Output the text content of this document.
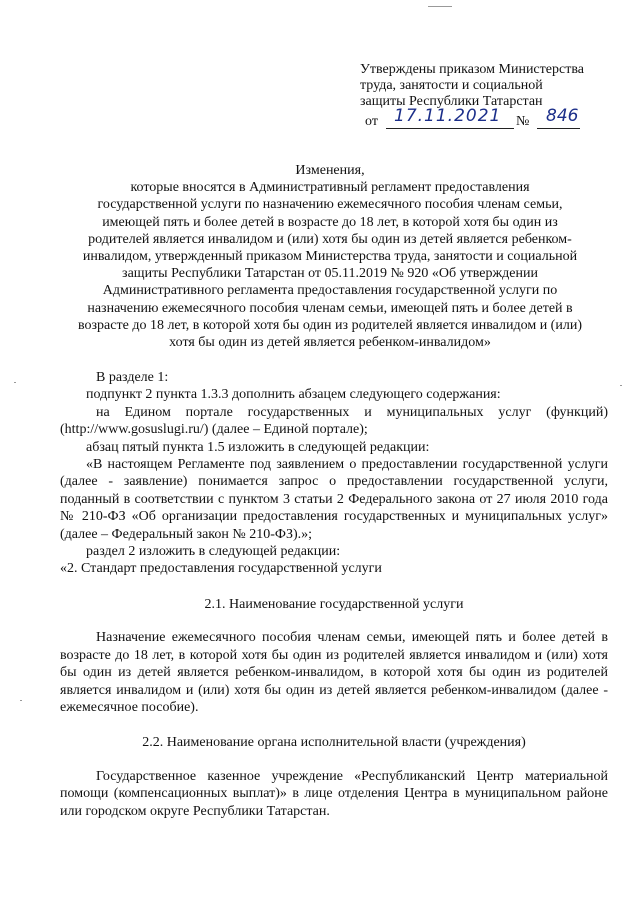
Утверждены приказом Министерства
труда, занятости и социальной
защиты Республики Татарстан
от 17.11.2021 № 846
Изменения,
которые вносятся в Административный регламент предоставления
государственной услуги по назначению ежемесячного пособия членам семьи,
имеющей пять и более детей в возрасте до 18 лет, в которой хотя бы один из
родителей является инвалидом и (или) хотя бы один из детей является ребенком-
инвалидом, утвержденный приказом Министерства труда, занятости и социальной
защиты Республики Татарстан от 05.11.2019 № 920 «Об утверждении
Административного регламента предоставления государственной услуги по
назначению ежемесячного пособия членам семьи, имеющей пять и более детей в
возрасте до 18 лет, в которой хотя бы один из родителей является инвалидом и (или)
хотя бы один из детей является ребенком-инвалидом»

В разделе 1:

подпункт 2 пункта 1.3.3 дополнить абзацем следующего содержания:

на Едином портале государственных и муниципальных услуг (функций) (http://www.gosuslugi.ru/) (далее – Единой портале);

абзац пятый пункта 1.5 изложить в следующей редакции:

«В настоящем Регламенте под заявлением о предоставлении государственной услуги (далее - заявление) понимается запрос о предоставлении государственной услуги, поданный в соответствии с пунктом 3 статьи 2 Федерального закона от 27 июля 2010 года № 210-ФЗ «Об организации предоставления государственных и муниципальных услуг» (далее – Федеральный закон № 210-ФЗ).»;

раздел 2 изложить в следующей редакции:

«2. Стандарт предоставления государственной услуги

2.1. Наименование государственной услуги

Назначение ежемесячного пособия членам семьи, имеющей пять и более детей в возрасте до 18 лет, в которой хотя бы один из родителей является инвалидом и (или) хотя бы один из детей является ребенком-инвалидом, в которой хотя бы один из родителей является инвалидом и (или) хотя бы один из детей является ребенком-инвалидом (далее - ежемесячное пособие).

2.2. Наименование органа исполнительной власти (учреждения)

Государственное казенное учреждение «Республиканский Центр материальной помощи (компенсационных выплат)» в лице отделения Центра в муниципальном районе или городском округе Республики Татарстан.
